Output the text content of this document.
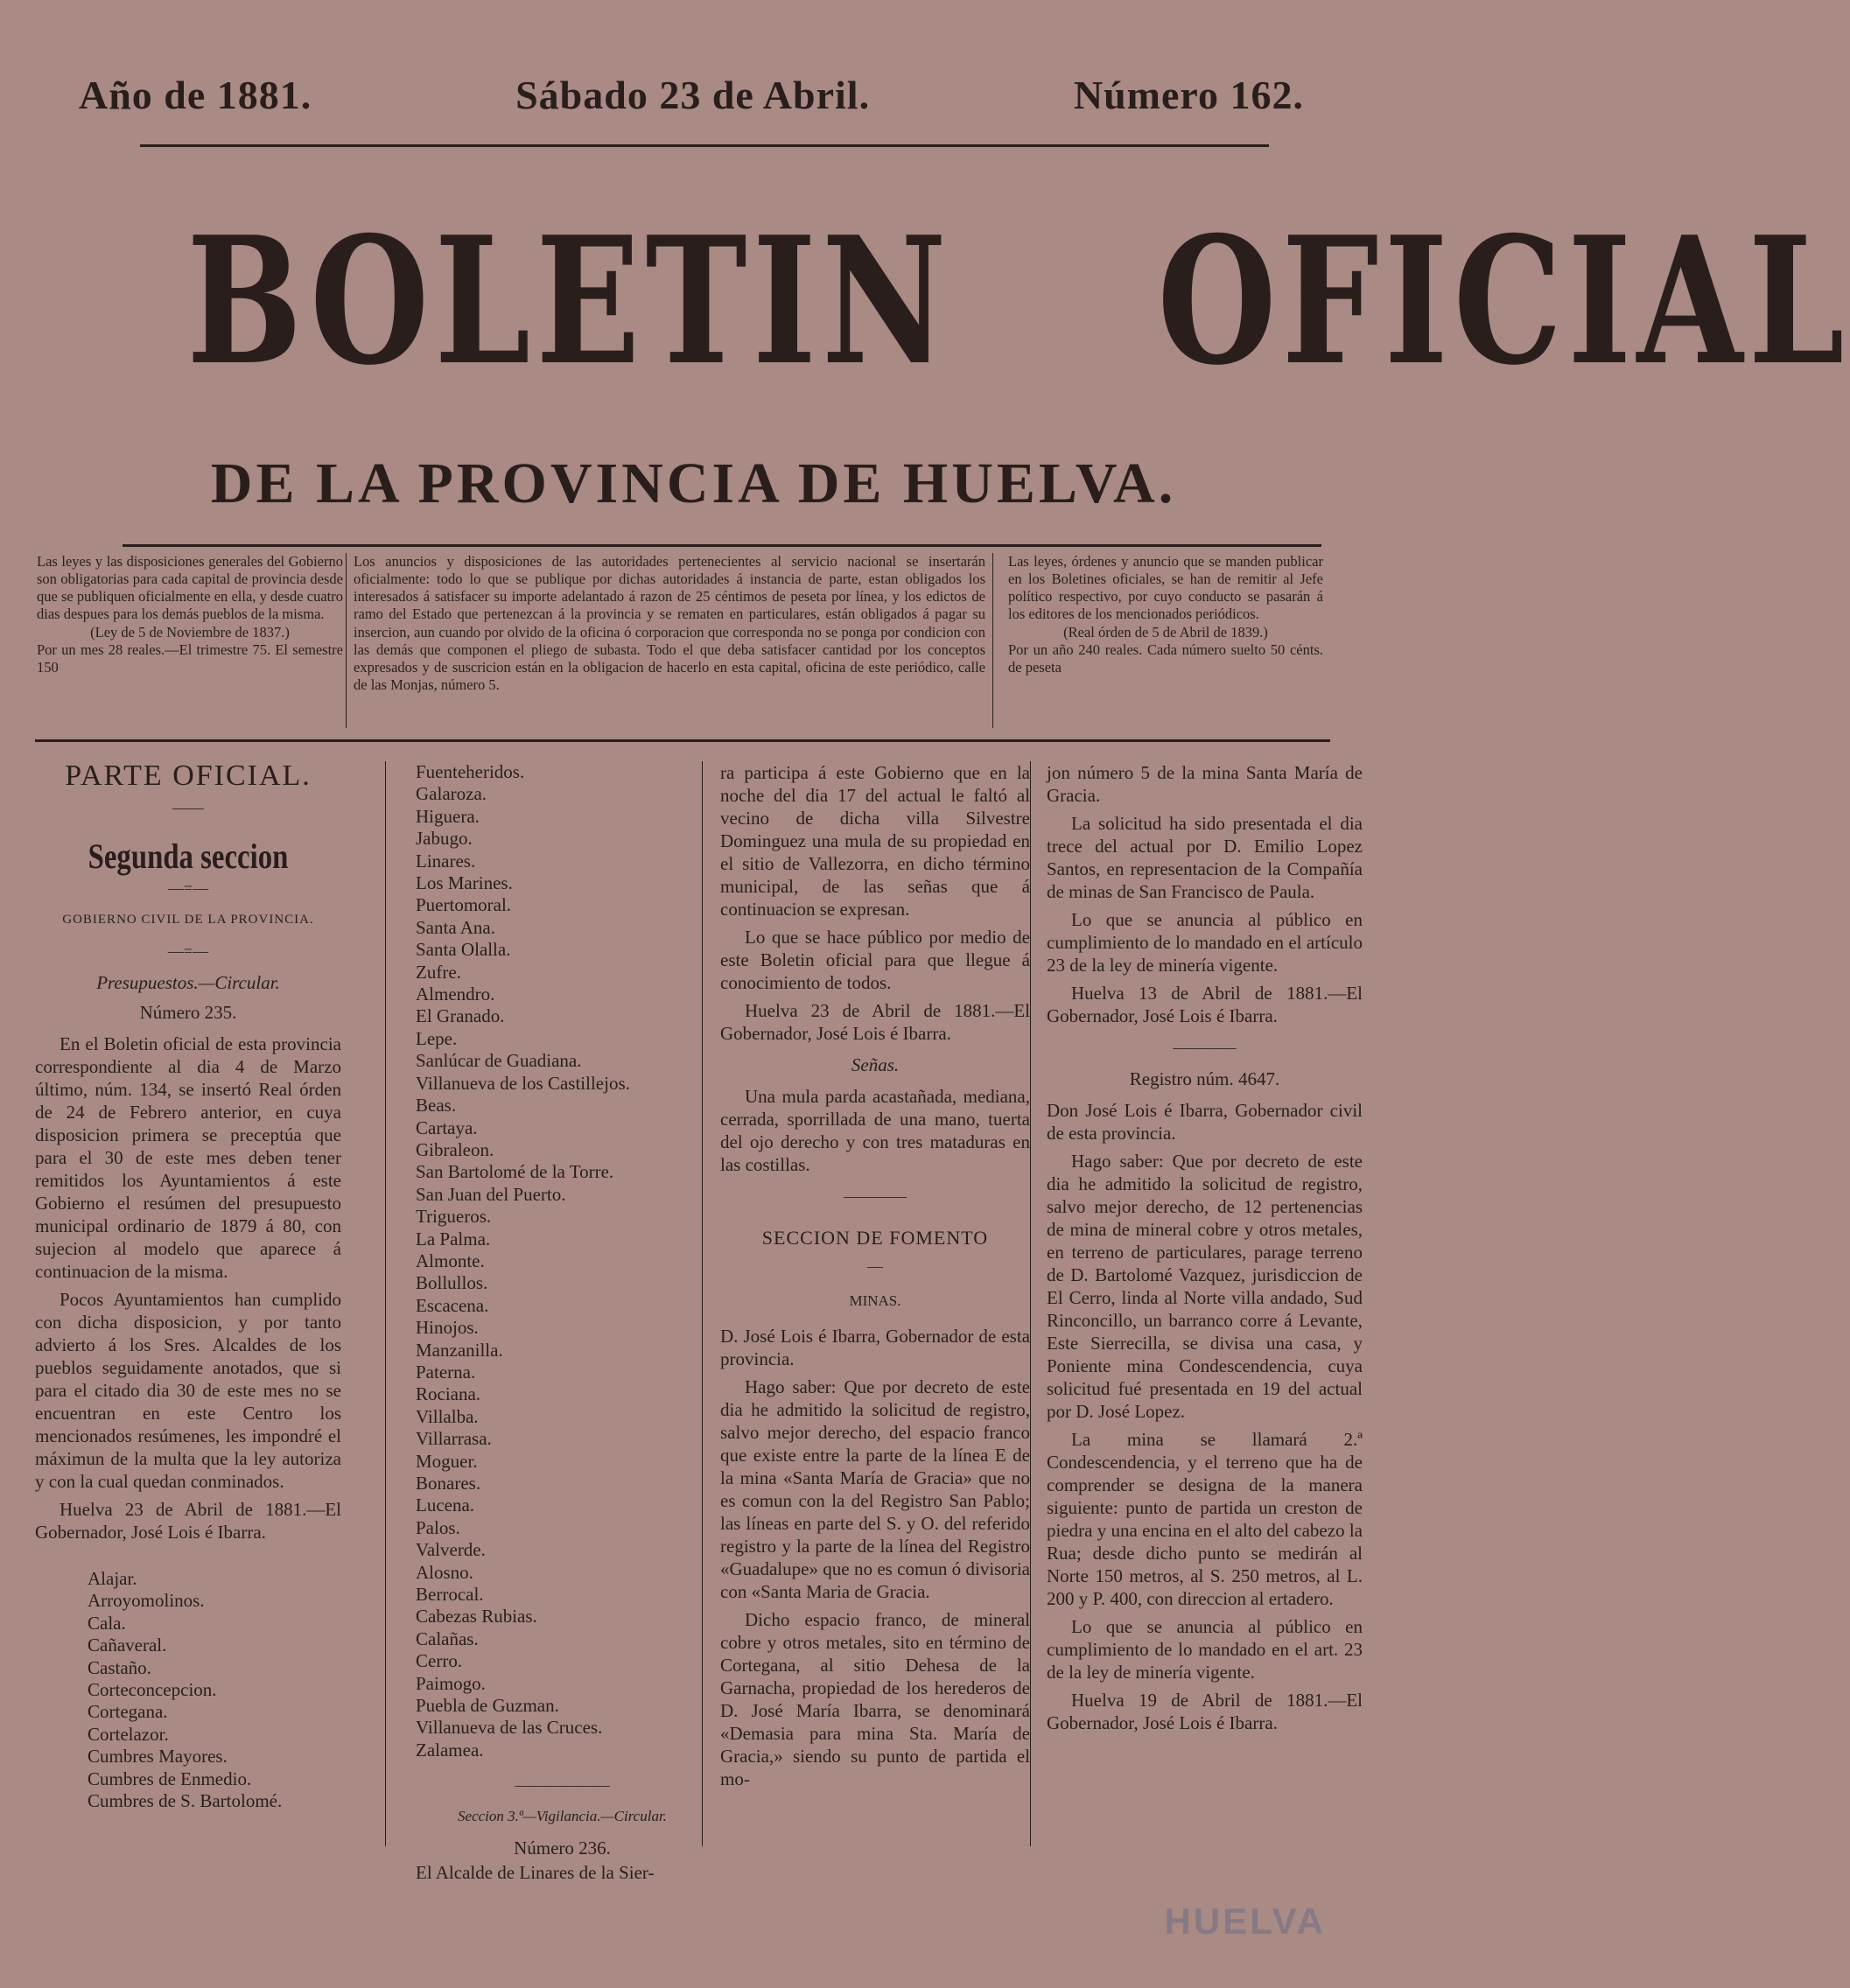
Año de 1881.	Sábado 23 de Abril.	Número 162.
BOLETIN OFICIAL
DE LA PROVINCIA DE HUELVA.
Las leyes y las disposiciones generales del Gobierno son obligatorias para cada capital de provincia desde que se publiquen oficialmente en ella, y desde cuatro dias despues para los demás pueblos de la misma.
(Ley de 5 de Noviembre de 1837.)
Por un mes 28 reales.—El trimestre 75. El semestre 150
Los anuncios y disposiciones de las autoridades pertenecientes al servicio nacional se insertarán oficialmente: todo lo que se publique por dichas autoridades á instancia de parte, estan obligados los interesados á satisfacer su importe adelantado á razon de 25 céntimos de peseta por línea, y los edictos de ramo del Estado que pertenezcan á la provincia y se rematen en particulares, están obligados á pagar su insercion, aun cuando por olvido de la oficina ó corporacion que corresponda no se ponga por condicion con las demás que componen el pliego de subasta. Todo el que deba satisfacer cantidad por los conceptos expresados y de suscricion están en la obligacion de hacerlo en esta capital, oficina de este periódico, calle de las Monjas, número 5.
Las leyes, órdenes y anuncio que se manden publicar en los Boletines oficiales, se han de remitir al Jefe político respectivo, por cuyo conducto se pasarán á los editores de los mencionados periódicos.
(Real órden de 5 de Abril de 1839.)
Por un año 240 reales. Cada número suelto 50 cénts. de peseta
PARTE OFICIAL.
——
Segunda seccion
—=—
GOBIERNO CIVIL DE LA PROVINCIA.
—=—
Presupuestos.—Circular.
Número 235.

En el Boletin oficial de esta provincia correspondiente al dia 4 de Marzo último, núm. 134, se insertó Real órden de 24 de Febrero anterior, en cuya disposicion primera se preceptúa que para el 30 de este mes deben tener remitidos los Ayuntamientos á este Gobierno el resúmen del presupuesto municipal ordinario de 1879 á 80, con sujecion al modelo que aparece á continuacion de la misma.

Pocos Ayuntamientos han cumplido con dicha disposicion, y por tanto advierto á los Sres. Alcaldes de los pueblos seguidamente anotados, que si para el citado dia 30 de este mes no se encuentran en este Centro los mencionados resúmenes, les impondré el máximun de la multa que la ley autoriza y con la cual quedan conminados.

Huelva 23 de Abril de 1881.—El Gobernador, José Lois é Ibarra.

Alajar.
Arroyomolinos.
Cala.
Cañaveral.
Castaño.
Corteconcepcion.
Cortegana.
Cortelazor.
Cumbres Mayores.
Cumbres de Enmedio.
Cumbres de S. Bartolomé.
Fuenteheridos.
Galaroza.
Higuera.
Jabugo.
Linares.
Los Marines.
Puertomoral.
Santa Ana.
Santa Olalla.
Zufre.
Almendro.
El Granado.
Lepe.
Sanlúcar de Guadiana.
Villanueva de los Castillejos.
Beas.
Cartaya.
Gibraleon.
San Bartolomé de la Torre.
San Juan del Puerto.
Trigueros.
La Palma.
Almonte.
Bollullos.
Escacena.
Hinojos.
Manzanilla.
Paterna.
Rociana.
Villalba.
Villarrasa.
Moguer.
Bonares.
Lucena.
Palos.
Valverde.
Alosno.
Berrocal.
Cabezas Rubias.
Calañas.
Cerro.
Paimogo.
Puebla de Guzman.
Villanueva de las Cruces.
Zalamea.
——————
Seccion 3.ª—Vigilancia.—Circular.
Número 236.

El Alcalde de Linares de la Sier-

ra participa á este Gobierno que en la noche del dia 17 del actual le faltó al vecino de dicha villa Silvestre Dominguez una mula de su propiedad en el sitio de Vallezorra, en dicho término municipal, de las señas que á continuacion se expresan.

Lo que se hace público por medio de este Boletin oficial para que llegue á conocimiento de todos.

Huelva 23 de Abril de 1881.—El Gobernador, José Lois é Ibarra.

Señas.

Una mula parda acastañada, mediana, cerrada, sporrillada de una mano, tuerta del ojo derecho y con tres mataduras en las costillas.

————
SECCION DE FOMENTO
—
MINAS.

D. José Lois é Ibarra, Gobernador de esta provincia.

Hago saber: Que por decreto de este dia he admitido la solicitud de registro, salvo mejor derecho, del espacio franco que existe entre la parte de la línea E de la mina «Santa María de Gracia» que no es comun con la del Registro San Pablo; las líneas en parte del S. y O. del referido registro y la parte de la línea del Registro «Guadalupe» que no es comun ó divisoria con «Santa Maria de Gracia.

Dicho espacio franco, de mineral cobre y otros metales, sito en término de Cortegana, al sitio Dehesa de la Garnacha, propiedad de los herederos de D. José María Ibarra, se denominará «Demasia para mina Sta. María de Gracia,» siendo su punto de partida el mo-

jon número 5 de la mina Santa María de Gracia.

La solicitud ha sido presentada el dia trece del actual por D. Emilio Lopez Santos, en representacion de la Compañía de minas de San Francisco de Paula.

Lo que se anuncia al público en cumplimiento de lo mandado en el artículo 23 de la ley de minería vigente.

Huelva 13 de Abril de 1881.—El Gobernador, José Lois é Ibarra.

————
Registro núm. 4647.

Don José Lois é Ibarra, Gobernador civil de esta provincia.

Hago saber: Que por decreto de este dia he admitido la solicitud de registro, salvo mejor derecho, de 12 pertenencias de mina de mineral cobre y otros metales, en terreno de particulares, parage terreno de D. Bartolomé Vazquez, jurisdiccion de El Cerro, linda al Norte villa andado, Sud Rinconcillo, un barranco corre á Levante, Este Sierrecilla, se divisa una casa, y Poniente mina Condescendencia, cuya solicitud fué presentada en 19 del actual por D. José Lopez.

La mina se llamará 2.ª Condescendencia, y el terreno que ha de comprender se designa de la manera siguiente: punto de partida un creston de piedra y una encina en el alto del cabezo la Rua; desde dicho punto se medirán al Norte 150 metros, al S. 250 metros, al L. 200 y P. 400, con direccion al ertadero.

Lo que se anuncia al público en cumplimiento de lo mandado en el art. 23 de la ley de minería vigente.

Huelva 19 de Abril de 1881.—El Gobernador, José Lois é Ibarra.

HUELVA
